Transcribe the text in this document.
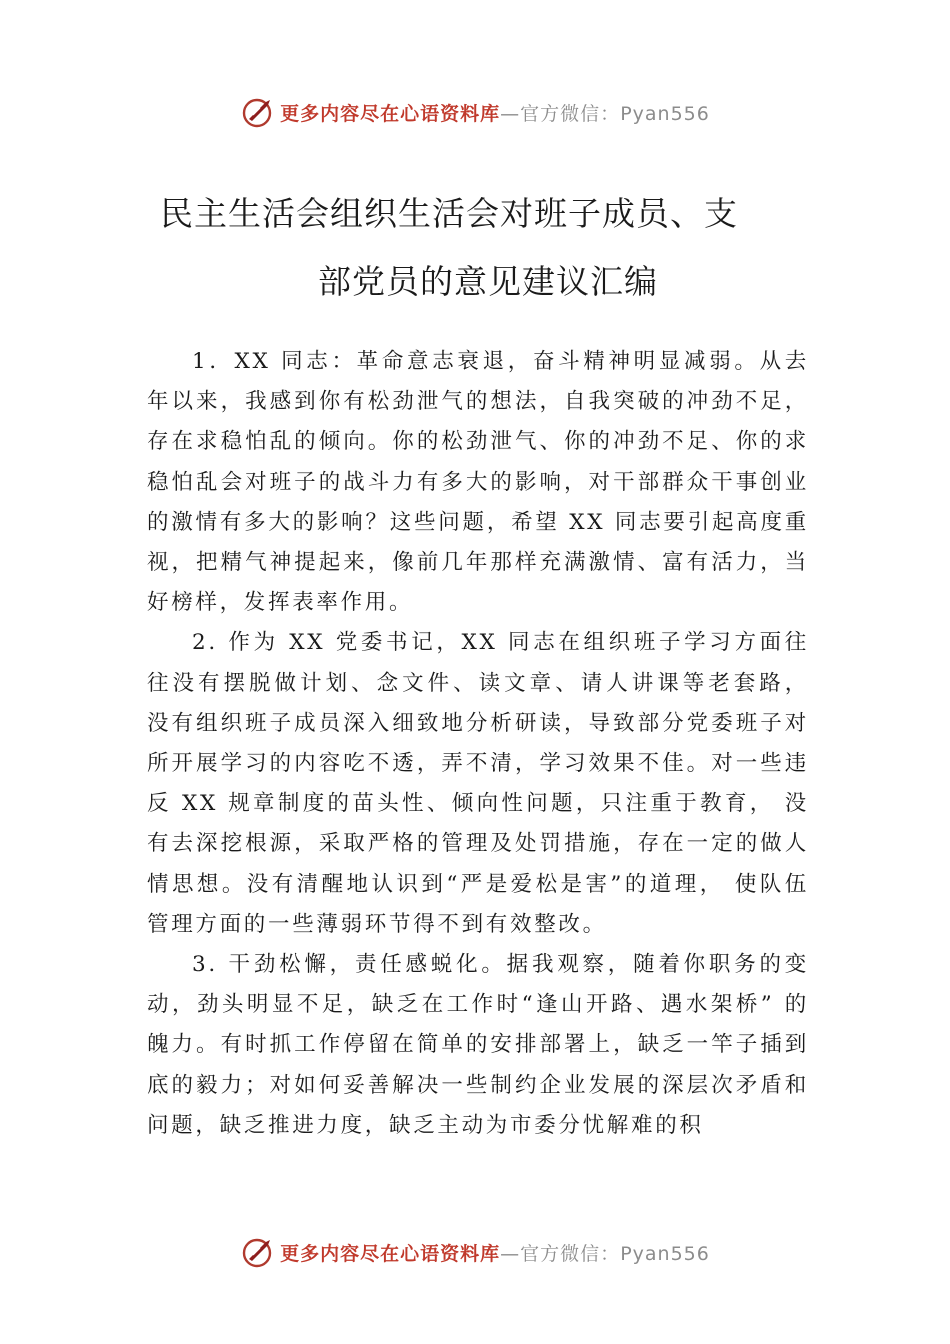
更多内容尽在心语资料库—官方微信：Pyan556
民主生活会组织生活会对班子成员、支
部党员的意见建议汇编

1．XX 同志：革命意志衰退，奋斗精神明显减弱。从去年以来，我感到你有松劲泄气的想法，自我突破的冲劲不足，存在求稳怕乱的倾向。你的松劲泄气、你的冲劲不足、你的求稳怕乱会对班子的战斗力有多大的影响，对干部群众干事创业的激情有多大的影响？这些问题，希望 XX 同志要引起高度重视，把精气神提起来，像前几年那样充满激情、富有活力，当好榜样，发挥表率作用。

2. 作为 XX 党委书记，XX 同志在组织班子学习方面往往没有摆脱做计划、念文件、读文章、请人讲课等老套路， 没有组织班子成员深入细致地分析研读，导致部分党委班子对所开展学习的内容吃不透，弄不清，学习效果不佳。对一些违反 XX 规章制度的苗头性、倾向性问题，只注重于教育， 没有去深挖根源，采取严格的管理及处罚措施，存在一定的做人情思想。没有清醒地认识到“严是爱松是害”的道理， 使队伍管理方面的一些薄弱环节得不到有效整改。

3. 干劲松懈，责任感蜕化。据我观察，随着你职务的变动，劲头明显不足，缺乏在工作时“逢山开路、遇水架桥” 的魄力。有时抓工作停留在简单的安排部署上，缺乏一竿子插到底的毅力；对如何妥善解决一些制约企业发展的深层次矛盾和问题，缺乏推进力度，缺乏主动为市委分忧解难的积

更多内容尽在心语资料库—官方微信：Pyan556
